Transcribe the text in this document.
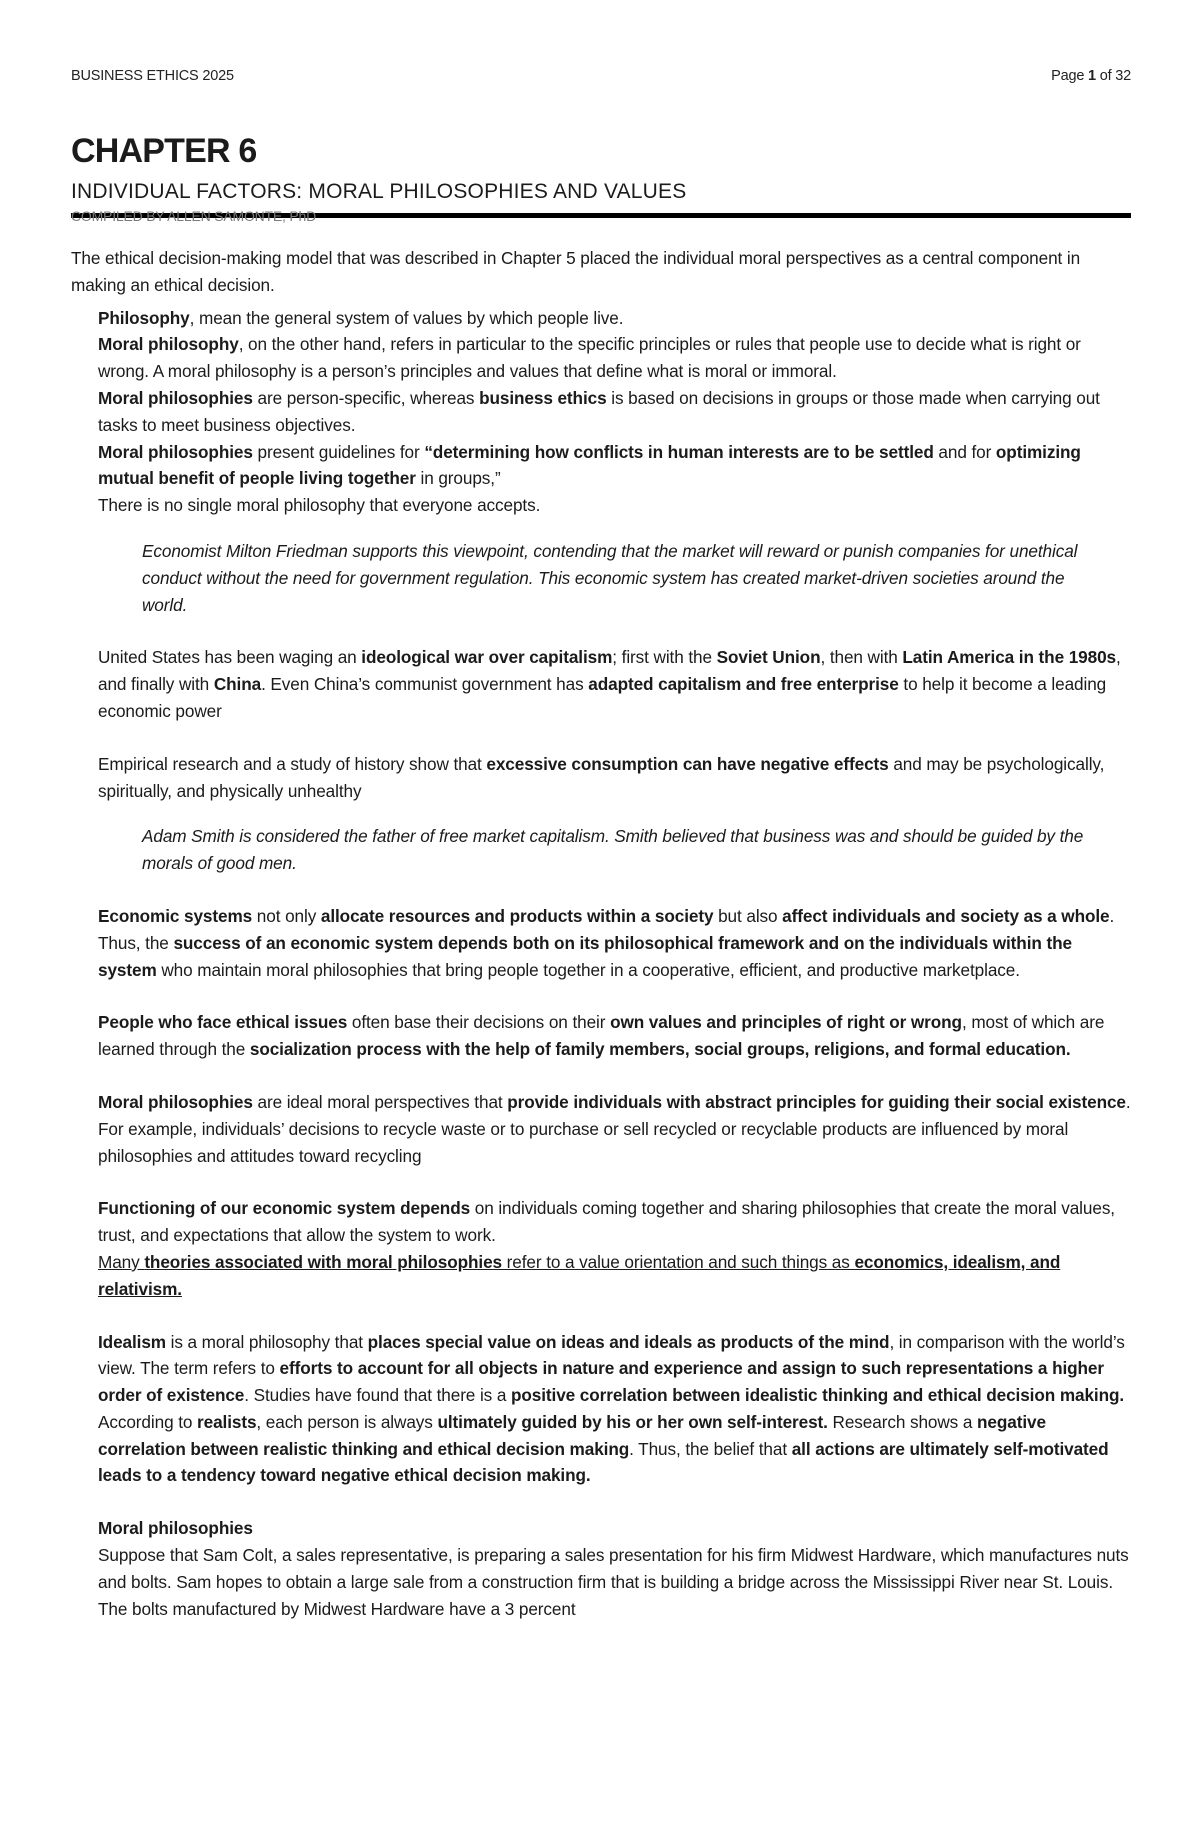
BUSINESS ETHICS 2025	Page 1 of 32
CHAPTER 6
INDIVIDUAL FACTORS: MORAL PHILOSOPHIES AND VALUES
COMPILED BY ALLEN SAMONTE, PhD

The ethical decision-making model that was described in Chapter 5 placed the individual moral perspectives as a central component in making an ethical decision.

Philosophy, mean the general system of values by which people live.

Moral philosophy, on the other hand, refers in particular to the specific principles or rules that people use to decide what is right or wrong. A moral philosophy is a person’s principles and values that define what is moral or immoral.

Moral philosophies are person-specific, whereas business ethics is based on decisions in groups or those made when carrying out tasks to meet business objectives.

Moral philosophies present guidelines for “determining how conflicts in human interests are to be settled and for optimizing mutual benefit of people living together in groups,”

There is no single moral philosophy that everyone accepts.

Economist Milton Friedman supports this viewpoint, contending that the market will reward or punish companies for unethical conduct without the need for government regulation. This economic system has created market-driven societies around the world.

United States has been waging an ideological war over capitalism; first with the Soviet Union, then with Latin America in the 1980s, and finally with China. Even China’s communist government has adapted capitalism and free enterprise to help it become a leading economic power

Empirical research and a study of history show that excessive consumption can have negative effects and may be psychologically, spiritually, and physically unhealthy

Adam Smith is considered the father of free market capitalism. Smith believed that business was and should be guided by the morals of good men.

Economic systems not only allocate resources and products within a society but also affect individuals and society as a whole. Thus, the success of an economic system depends both on its philosophical framework and on the individuals within the system who maintain moral philosophies that bring people together in a cooperative, efficient, and productive marketplace.

People who face ethical issues often base their decisions on their own values and principles of right or wrong, most of which are learned through the socialization process with the help of family members, social groups, religions, and formal education.

Moral philosophies are ideal moral perspectives that provide individuals with abstract principles for guiding their social existence. For example, individuals’ decisions to recycle waste or to purchase or sell recycled or recyclable products are influenced by moral philosophies and attitudes toward recycling

Functioning of our economic system depends on individuals coming together and sharing philosophies that create the moral values, trust, and expectations that allow the system to work.

Many theories associated with moral philosophies refer to a value orientation and such things as economics, idealism, and relativism.

Idealism is a moral philosophy that places special value on ideas and ideals as products of the mind, in comparison with the world’s view. The term refers to efforts to account for all objects in nature and experience and assign to such representations a higher order of existence. Studies have found that there is a positive correlation between idealistic thinking and ethical decision making.

According to realists, each person is always ultimately guided by his or her own self-interest. Research shows a negative correlation between realistic thinking and ethical decision making. Thus, the belief that all actions are ultimately self-motivated leads to a tendency toward negative ethical decision making.

Moral philosophies

Suppose that Sam Colt, a sales representative, is preparing a sales presentation for his firm Midwest Hardware, which manufactures nuts and bolts. Sam hopes to obtain a large sale from a construction firm that is building a bridge across the Mississippi River near St. Louis. The bolts manufactured by Midwest Hardware have a 3 percent
